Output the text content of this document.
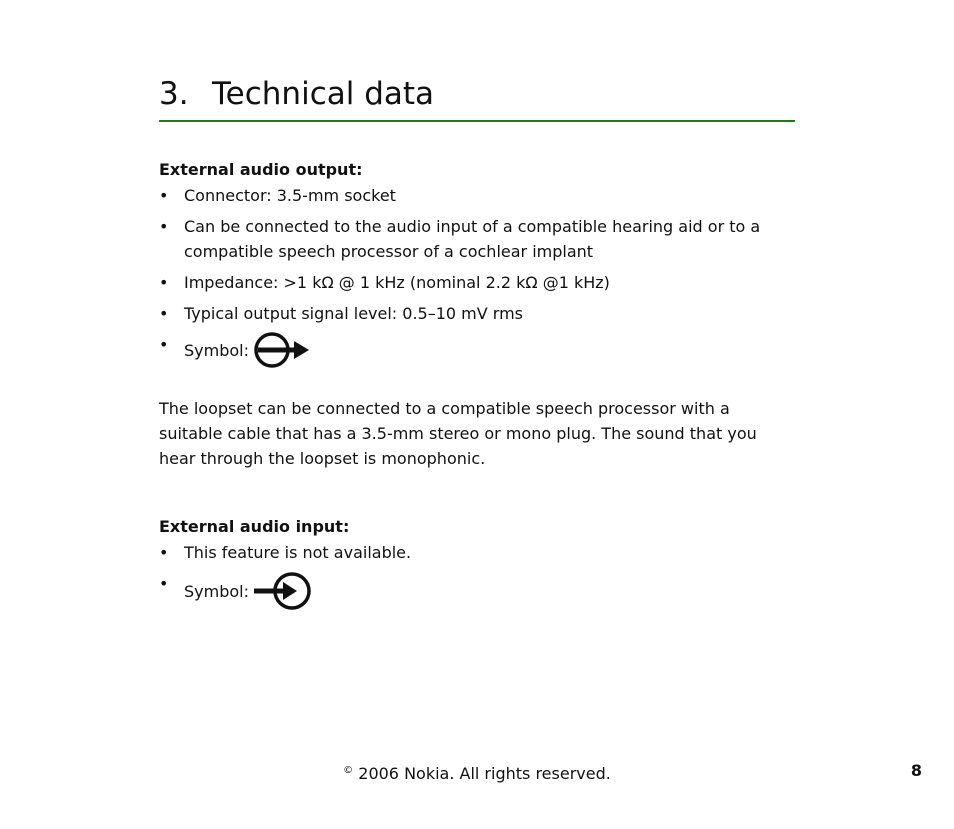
3. Technical data
External audio output:
• Connector: 3.5-mm socket
• Can be connected to the audio input of a compatible hearing aid or to a compatible speech processor of a cochlear implant
• Impedance: >1 kΩ @ 1 kHz (nominal 2.2 kΩ @1 kHz)
• Typical output signal level: 0.5–10 mV rms
• Symbol:

The loopset can be connected to a compatible speech processor with a suitable cable that has a 3.5-mm stereo or mono plug. The sound that you hear through the loopset is monophonic.

External audio input:
• This feature is not available.
• Symbol:
© 2006 Nokia. All rights reserved.	8
